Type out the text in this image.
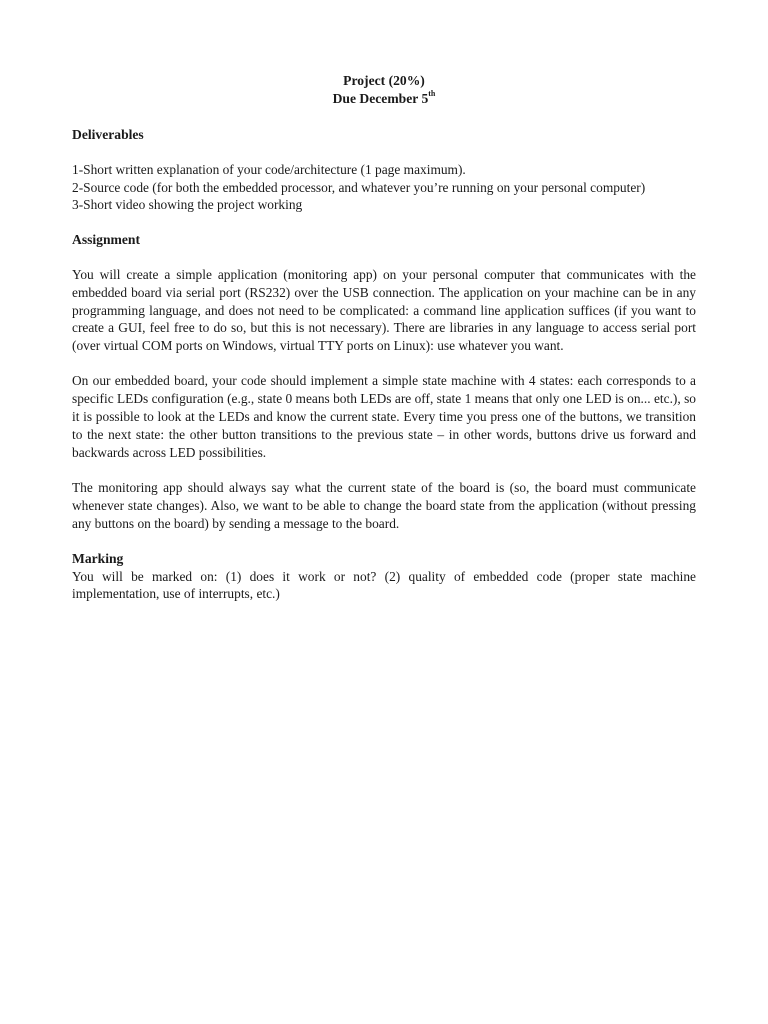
Project (20%)
Due December 5th
Deliverables

1-Short written explanation of your code/architecture (1 page maximum).

2-Source code (for both the embedded processor, and whatever you’re running on your personal computer)

3-Short video showing the project working

Assignment

You will create a simple application (monitoring app) on your personal computer that communicates with the embedded board via serial port (RS232) over the USB connection. The application on your machine can be in any programming language, and does not need to be complicated: a command line application suffices (if you want to create a GUI, feel free to do so, but this is not necessary). There are libraries in any language to access serial port (over virtual COM ports on Windows, virtual TTY ports on Linux): use whatever you want.

On our embedded board, your code should implement a simple state machine with 4 states: each corresponds to a specific LEDs configuration (e.g., state 0 means both LEDs are off, state 1 means that only one LED is on... etc.), so it is possible to look at the LEDs and know the current state. Every time you press one of the buttons, we transition to the next state: the other button transitions to the previous state – in other words, buttons drive us forward and backwards across LED possibilities.

The monitoring app should always say what the current state of the board is (so, the board must communicate whenever state changes). Also, we want to be able to change the board state from the application (without pressing any buttons on the board) by sending a message to the board.

Marking

You will be marked on: (1) does it work or not? (2) quality of embedded code (proper state machine implementation, use of interrupts, etc.)
